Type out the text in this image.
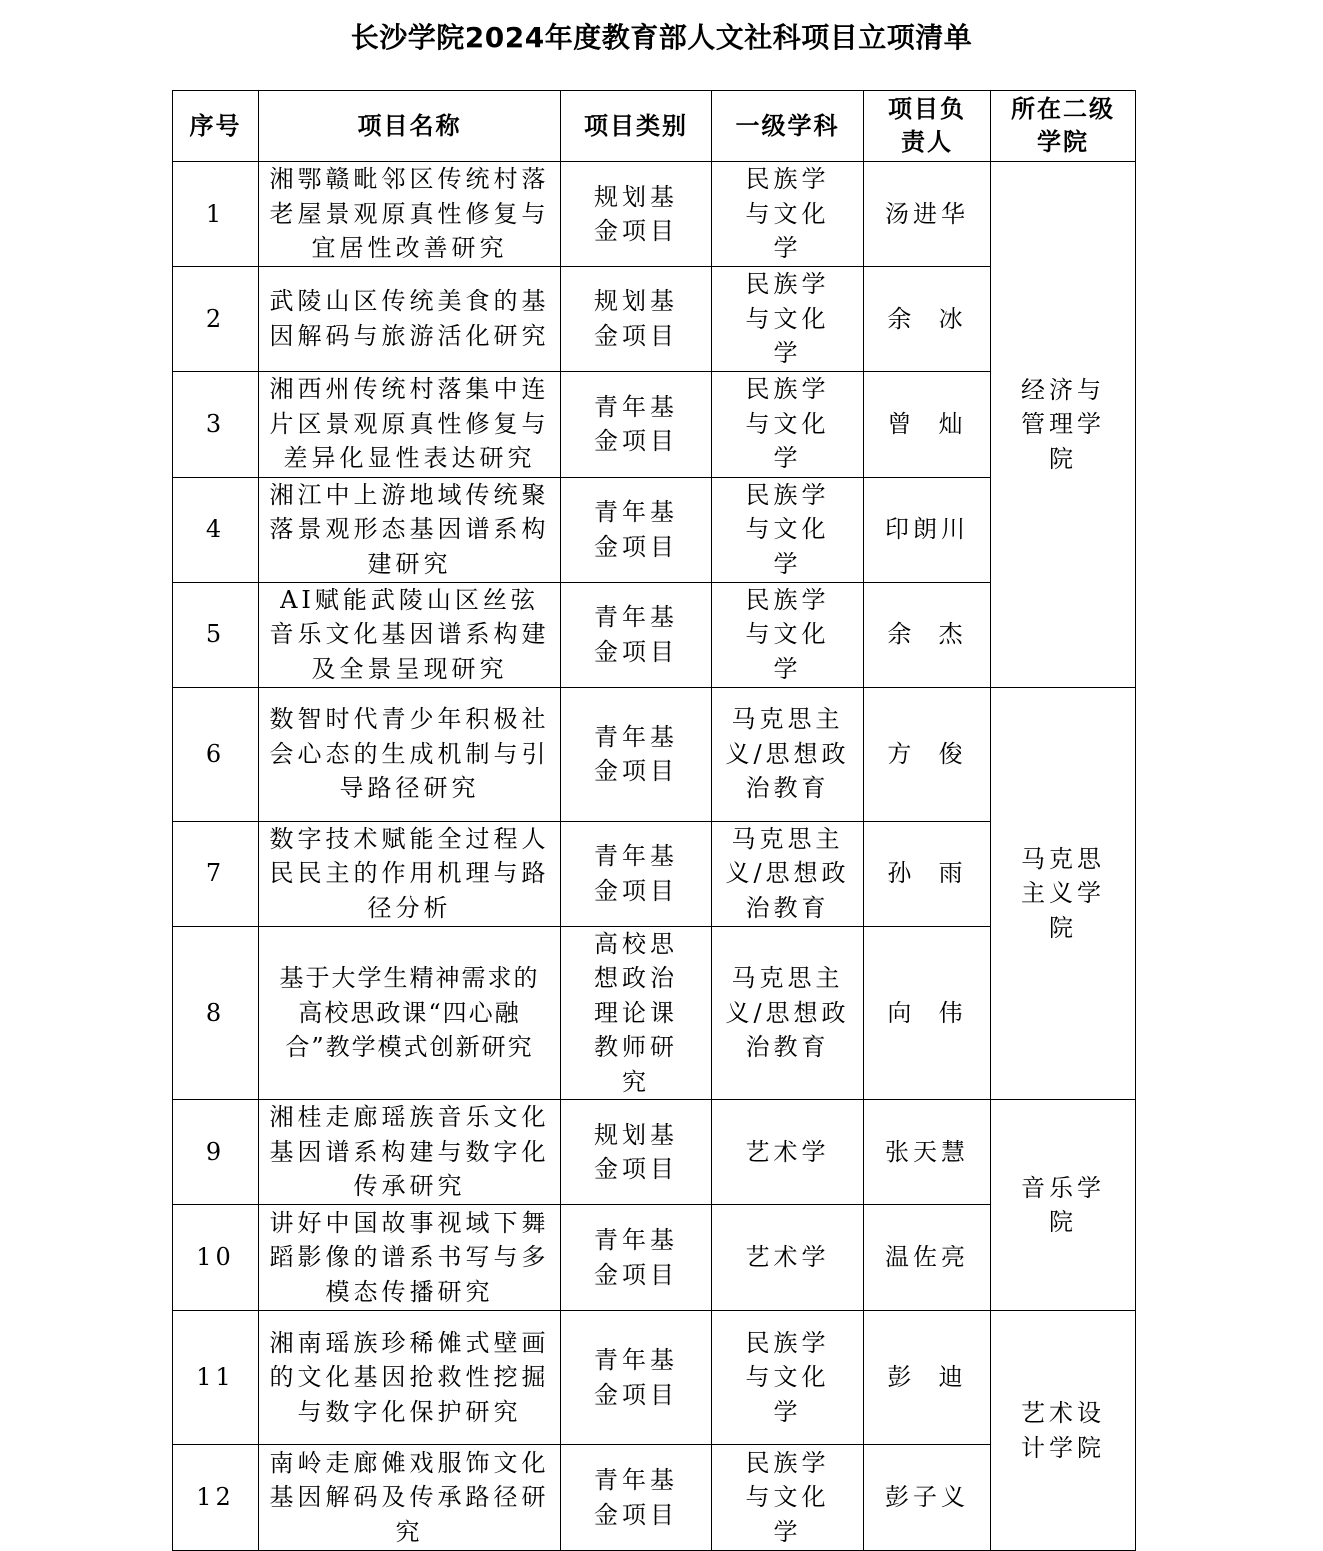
长沙学院2024年度教育部人文社科项目立项清单
序号	项目名称	项目类别	一级学科	项目负责人	所在二级学院
1	湘鄂赣毗邻区传统村落老屋景观原真性修复与宜居性改善研究	规划基金项目	民族学与文化学	汤进华	经济与管理学院
2	武陵山区传统美食的基因解码与旅游活化研究	规划基金项目	民族学与文化学	余  冰	
3	湘西州传统村落集中连片区景观原真性修复与差异化显性表达研究	青年基金项目	民族学与文化学	曾  灿	
4	湘江中上游地域传统聚落景观形态基因谱系构建研究	青年基金项目	民族学与文化学	印朗川	
5	AI赋能武陵山区丝弦音乐文化基因谱系构建及全景呈现研究	青年基金项目	民族学与文化学	余  杰	
6	数智时代青少年积极社会心态的生成机制与引导路径研究	青年基金项目	马克思主义/思想政治教育	方  俊	马克思主义学院
7	数字技术赋能全过程人民民主的作用机理与路径分析	青年基金项目	马克思主义/思想政治教育	孙  雨	
8	基于大学生精神需求的高校思政课“四心融合”教学模式创新研究	高校思想政治理论课教师研究	马克思主义/思想政治教育	向  伟	
9	湘桂走廊瑶族音乐文化基因谱系构建与数字化传承研究	规划基金项目	艺术学	张天慧	音乐学院
10	讲好中国故事视域下舞蹈影像的谱系书写与多模态传播研究	青年基金项目	艺术学	温佐亮	
11	湘南瑶族珍稀傩式壁画的文化基因抢救性挖掘与数字化保护研究	青年基金项目	民族学与文化学	彭  迪	艺术设计学院
12	南岭走廊傩戏服饰文化基因解码及传承路径研究	青年基金项目	民族学与文化学	彭子义	
